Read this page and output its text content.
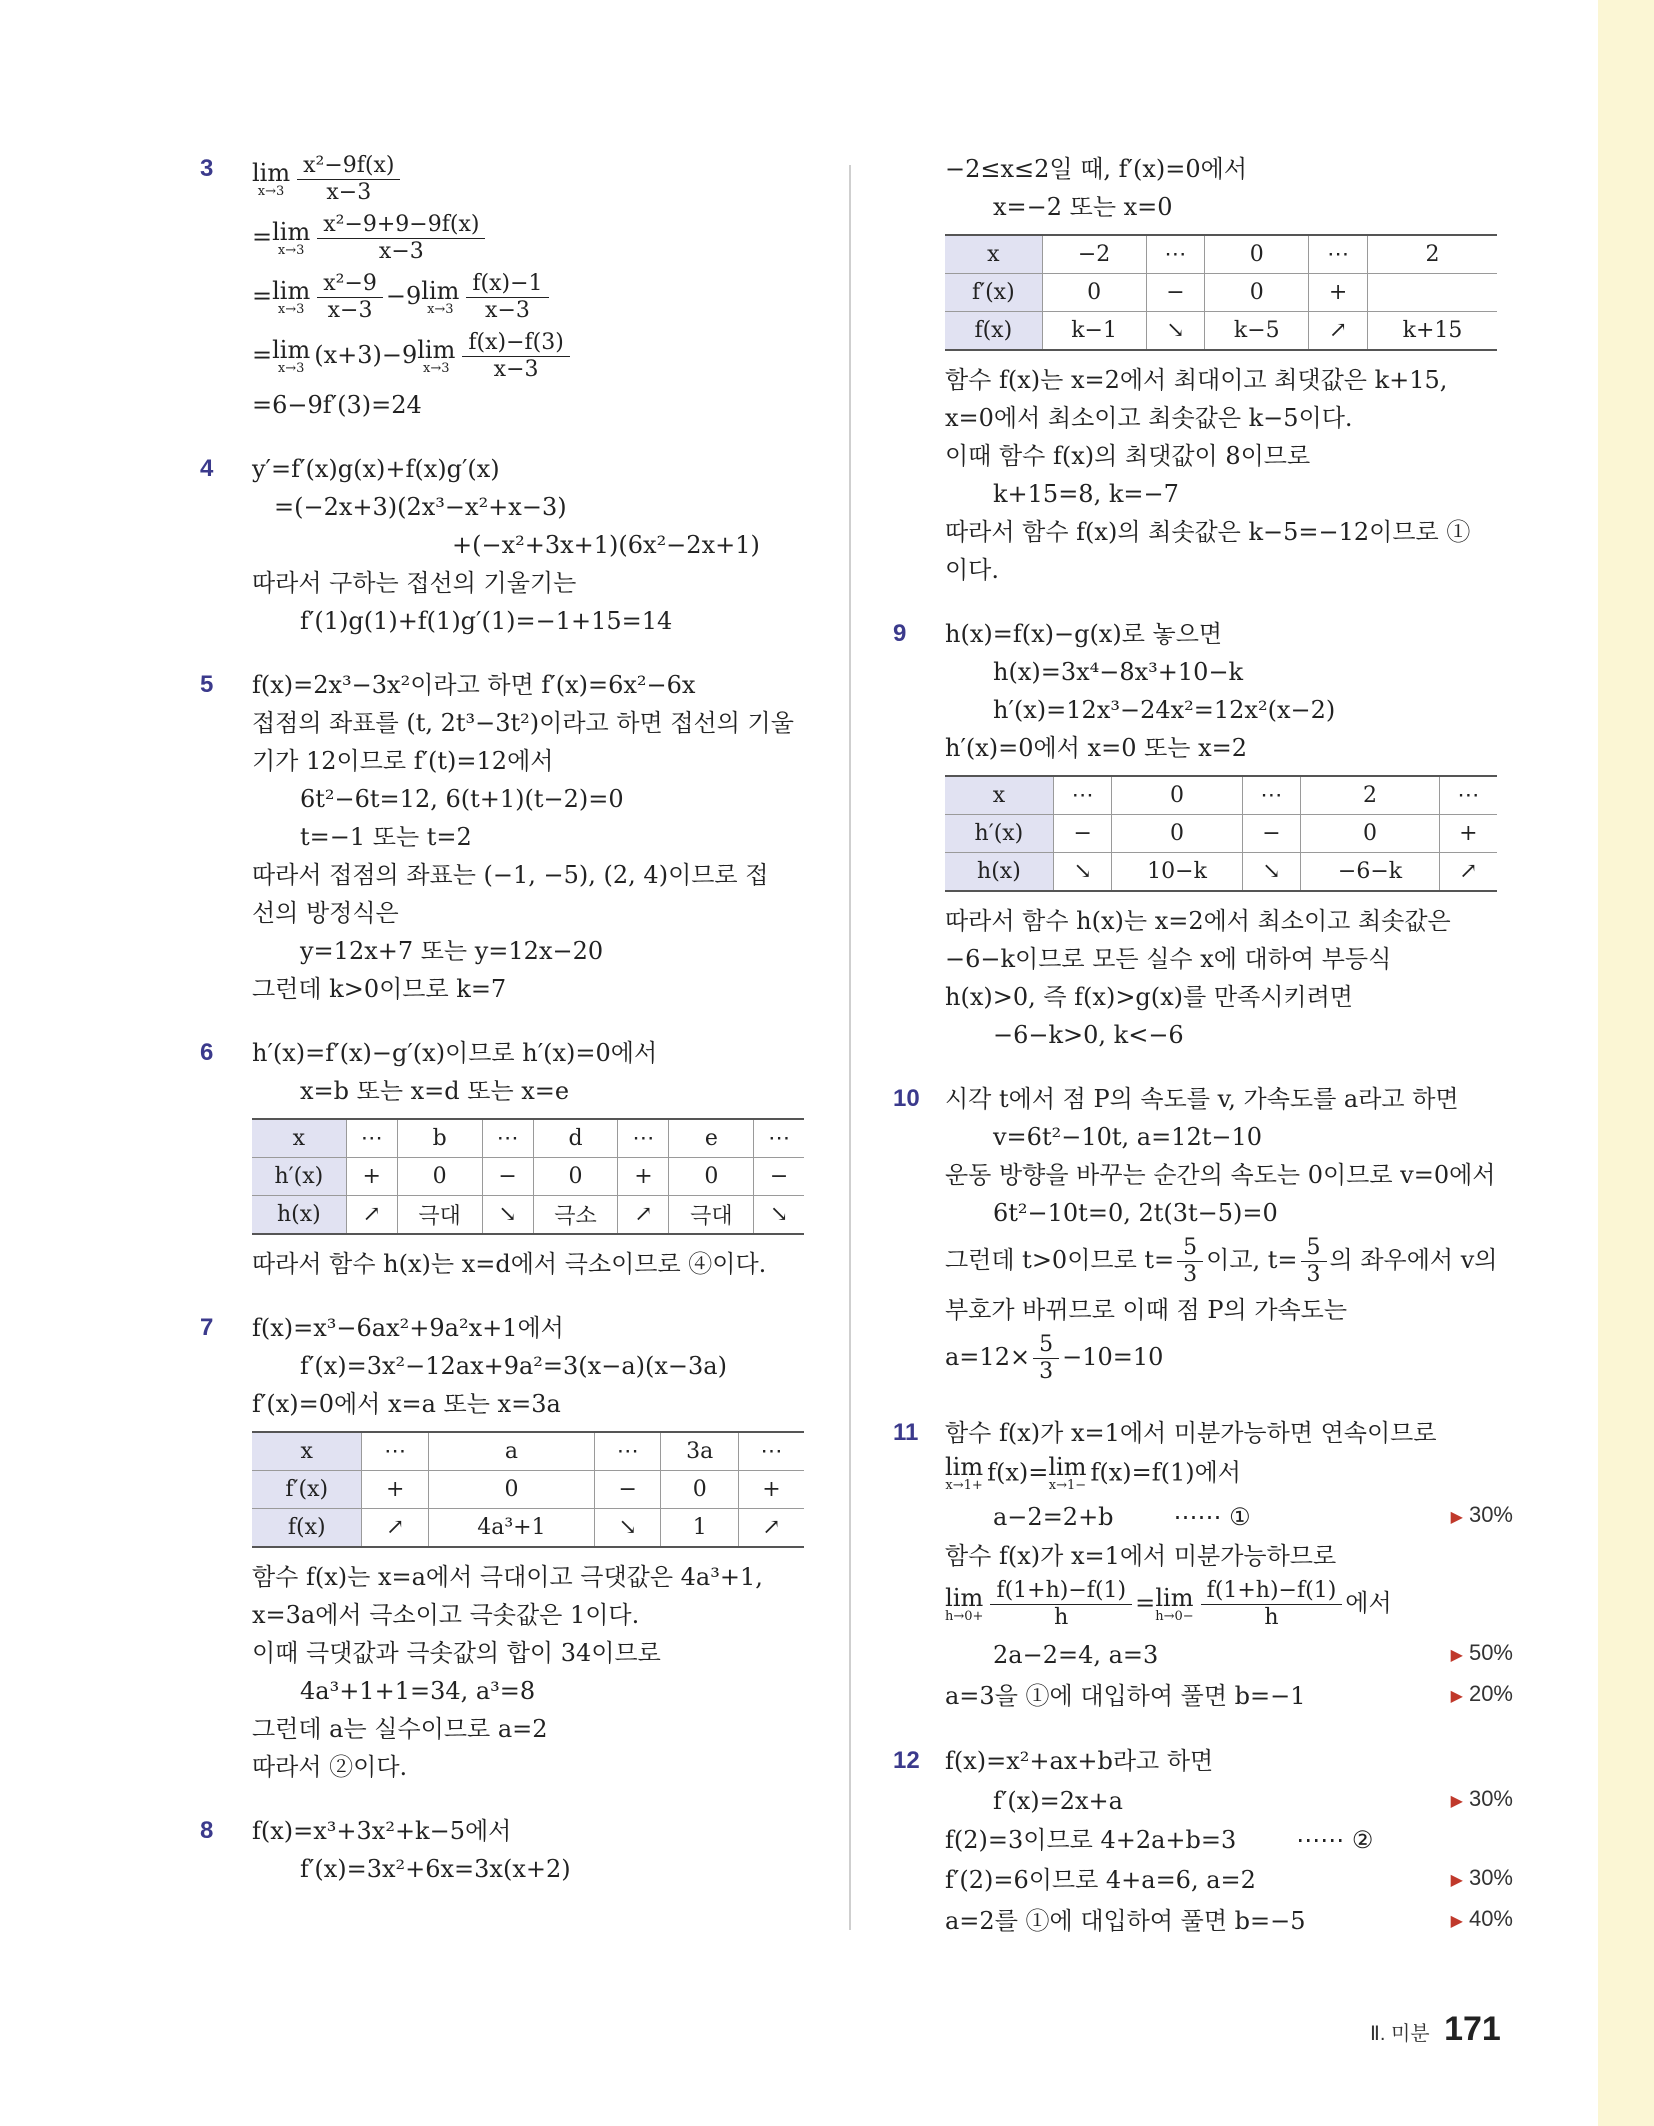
3 lim
$x\to 3 \frac{\text{x²−9f(x)}}{x-3}$
= lim
$x\to 3 \frac{\text{x²−9+9−9f(x)}}{x-3}$
= lim
$x\to 3 \frac{\text{x²−9}}{x-3} -9$ lim
$x\to 3 \frac{f(x)-1}{x-3}$
= lim
x→3 (x+3)−9 lim
$x\to 3 \frac{f(x)-f(3)}{x-3}$
=6−9f′(3)=24
4 y′=f′(x)g(x)+f(x)g′(x)
=(−2x+3)(2x³−x²+x−3)
+(−x²+3x+1)(6x²−2x+1)
따라서 구하는 접선의 기울기는
f′(1)g(1)+f(1)g′(1)=−1+15=14
5 f(x)=2x³−3x²이라고 하면 f′(x)=6x²−6x
접점의 좌표를 (t, 2t³−3t²)이라고 하면 접선의 기울
기가 12이므로 f′(t)=12에서
6t²−6t=12, 6(t+1)(t−2)=0
t=−1 또는 t=2
따라서 접점의 좌표는 (−1, −5), (2, 4)이므로 접
선의 방정식은
y=12x+7 또는 y=12x−20
그런데 k>0이므로 k=7
6 h′(x)=f′(x)−g′(x)이므로 h′(x)=0에서
x=b 또는 x=d 또는 x=e
x	⋯	b	⋯	d	⋯	e	⋯
h′(x)	+	0	−	0	+	0	−
h(x)	↗	극대	↘	극소	↗	극대	↘
따라서 함수 h(x)는 x=d에서 극소이므로 ④이다.
7 f(x)=x³−6ax²+9a²x+1에서
f′(x)=3x²−12ax+9a²=3(x−a)(x−3a)
f′(x)=0에서 x=a 또는 x=3a
x	⋯	a	⋯	3a	⋯
f′(x)	+	0	−	0	+
f(x)	↗	4a³+1	↘	1	↗
함수 f(x)는 x=a에서 극대이고 극댓값은 4a³+1,
x=3a에서 극소이고 극솟값은 1이다.
이때 극댓값과 극솟값의 합이 34이므로
4a³+1+1=34, a³=8
그런데 a는 실수이므로 a=2
따라서 ②이다.
8 f(x)=x³+3x²+k−5에서
f′(x)=3x²+6x=3x(x+2)
−2≤x≤2일 때, f′(x)=0에서
x=−2 또는 x=0
x	−2	⋯	0	⋯	2
f′(x)	0	−	0	+	
f(x)	k−1	↘	k−5	↗	k+15
함수 f(x)는 x=2에서 최대이고 최댓값은 k+15,
x=0에서 최소이고 최솟값은 k−5이다.
이때 함수 f(x)의 최댓값이 8이므로
k+15=8, k=−7
따라서 함수 f(x)의 최솟값은 k−5=−12이므로 ①
이다.
9 h(x)=f(x)−g(x)로 놓으면
h(x)=3x⁴−8x³+10−k
h′(x)=12x³−24x²=12x²(x−2)
h′(x)=0에서 x=0 또는 x=2
x	⋯	0	⋯	2	⋯
h′(x)	−	0	−	0	+
h(x)	↘	10−k	↘	−6−k	↗
따라서 함수 h(x)는 x=2에서 최소이고 최솟값은
−6−k이므로 모든 실수 x에 대하여 부등식
h(x)>0, 즉 f(x)>g(x)를 만족시키려면
−6−k>0, k<−6
10 시각 t에서 점 P의 속도를 v, 가속도를 a라고 하면
v=6t²−10t, a=12t−10
운동 방향을 바꾸는 순간의 속도는 0이므로 v=0에서
6t²−10t=0, 2t(3t−5)=0
그런데 t>0이므로 $t= \frac{5}{3}$ 이고, $t= \frac{5}{3}$ 의 좌우에서 v의
부호가 바뀌므로 이때 점 P의 가속도는
$a=12\times \frac{5}{3} -10=10$
11 함수 f(x)가 x=1에서 미분가능하면 연속이므로
lim
x→1+ f(x)= lim
x→1− f(x)=f(1)에서
a−2=2+b	⋯⋯ ①	▶ 30%
함수 f(x)가 x=1에서 미분가능하므로
lim
$h\to 0+ \frac{f(1+h)-f(1)}{h} = \lim$
$h\to 0- \frac{f(1+h)-f(1)}{h}$ 에서
2a−2=4, a=3	▶ 50%
a=3을 ①에 대입하여 풀면 b=−1	▶ 20%
12 f(x)=x²+ax+b라고 하면
f′(x)=2x+a	▶ 30%
f(2)=3이므로 4+2a+b=3	⋯⋯ ②
f′(2)=6이므로 4+a=6, a=2	▶ 30%
a=2를 ①에 대입하여 풀면 b=−5	▶ 40%
Ⅱ. 미분 171
